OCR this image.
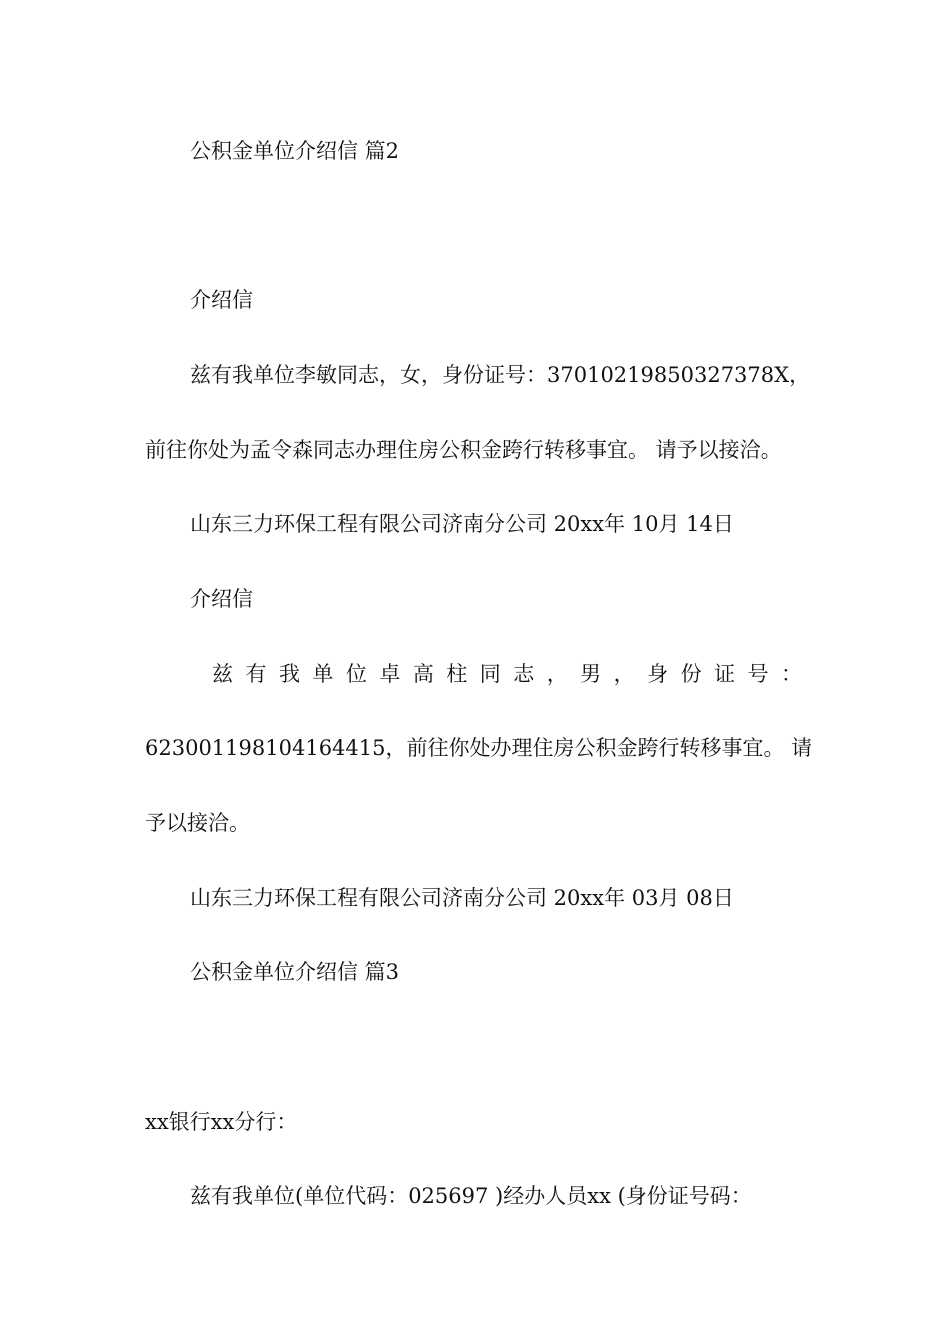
公积金单位介绍信 篇2
介绍信
兹有我单位李敏同志，女，身份证号：37010219850327378X，
前往你处为孟令森同志办理住房公积金跨行转移事宜。 请予以接洽。
山东三力环保工程有限公司济南分公司 20xx年 10月 14日
介绍信
兹 有 我 单 位 卓 高 柱 同 志 ， 男 ， 身 份 证 号 ：
623001198104164415，前往你处办理住房公积金跨行转移事宜。 请
予以接洽。
山东三力环保工程有限公司济南分公司 20xx年 03月 08日
公积金单位介绍信 篇3
xx银行xx分行：
兹有我单位(单位代码：025697 )经办人员xx (身份证号码：
